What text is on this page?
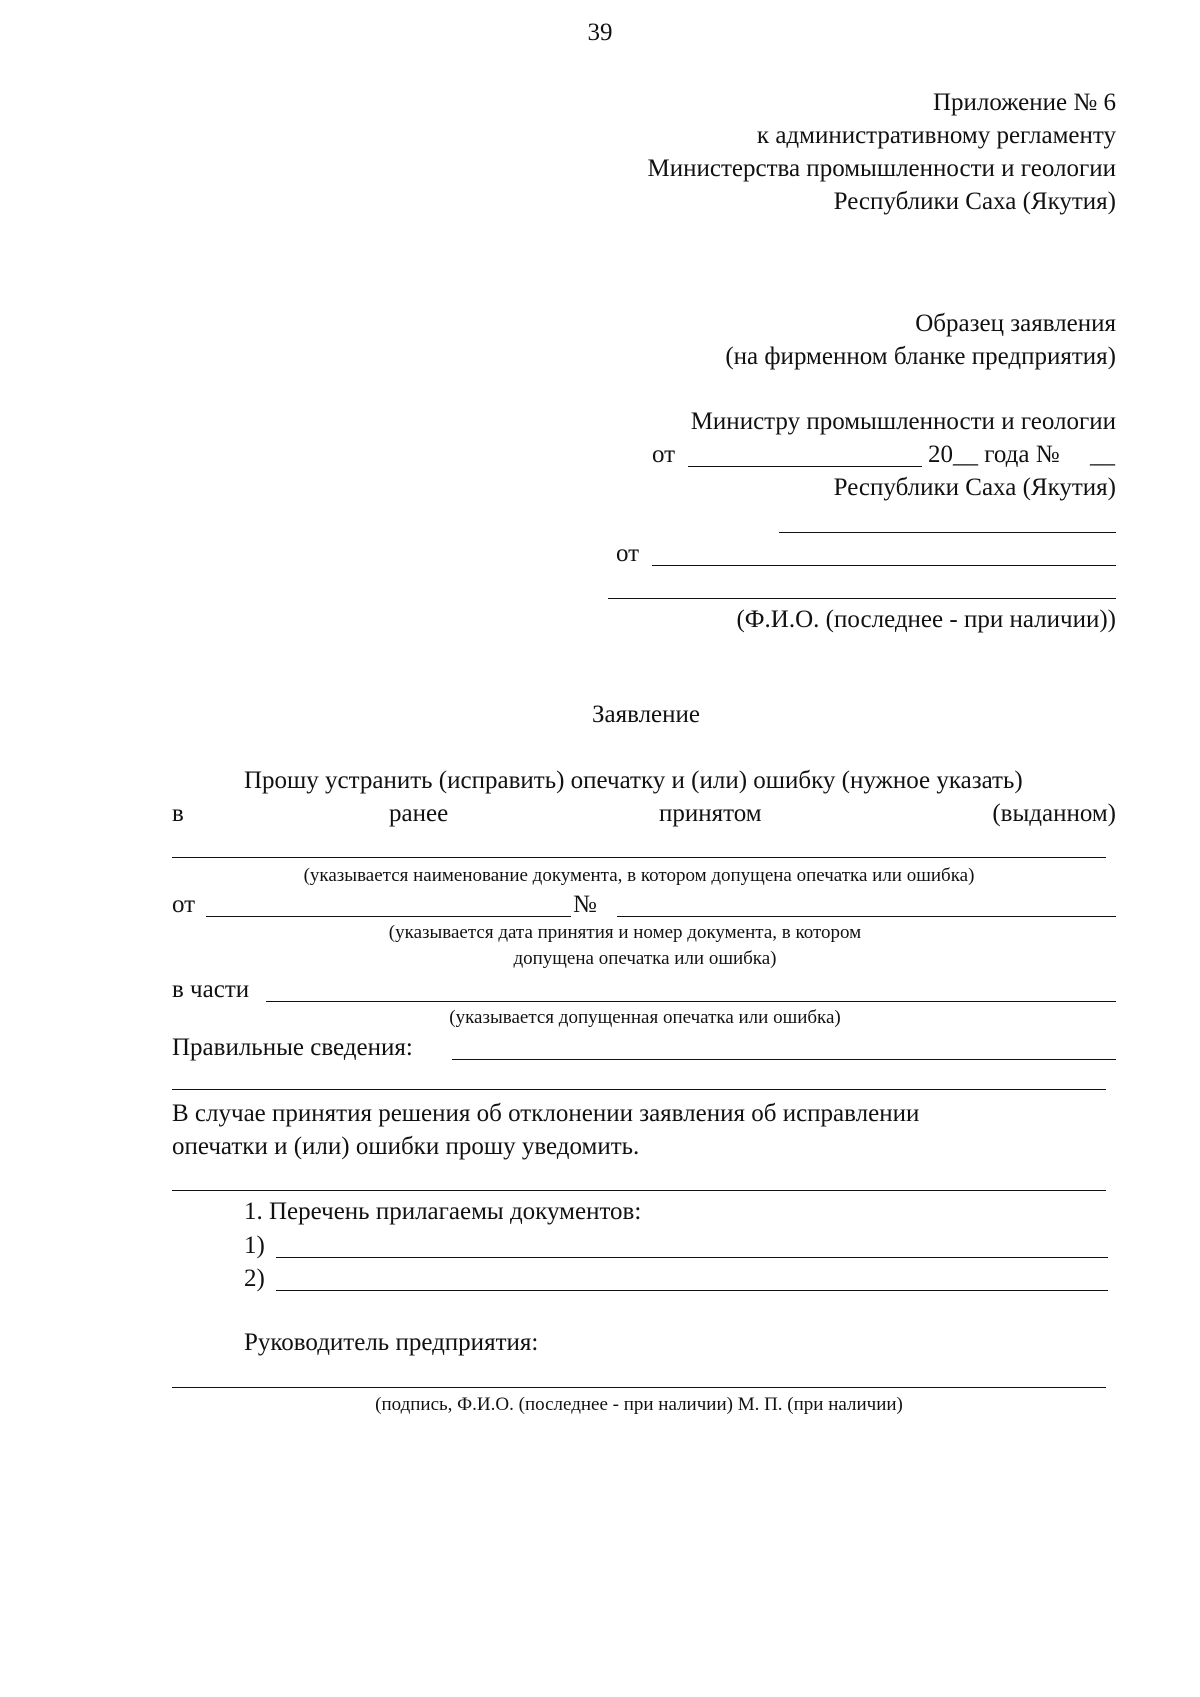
39
Приложение № 6
к административному регламенту
Министерства промышленности и геологии
Республики Саха (Якутия)
Образец заявления
(на фирменном бланке предприятия)
Министру промышленности и геологии
от	20__ года № __
Республики Саха (Якутия)
от
(Ф.И.О. (последнее - при наличии))
Заявление
Прошу устранить (исправить) опечатку и (или) ошибку (нужное указать)
в	ранее	принятом	(выданном)
(указывается наименование документа, в котором допущена опечатка или ошибка)
от	№
(указывается дата принятия и номер документа, в котором
допущена опечатка или ошибка)
в части
(указывается допущенная опечатка или ошибка)
Правильные сведения:
В случае принятия решения об отклонении заявления об исправлении
опечатки и (или) ошибки прошу уведомить.
1. Перечень прилагаемы документов:
1)
2)
Руководитель предприятия:
(подпись, Ф.И.О. (последнее - при наличии) М. П. (при наличии)
